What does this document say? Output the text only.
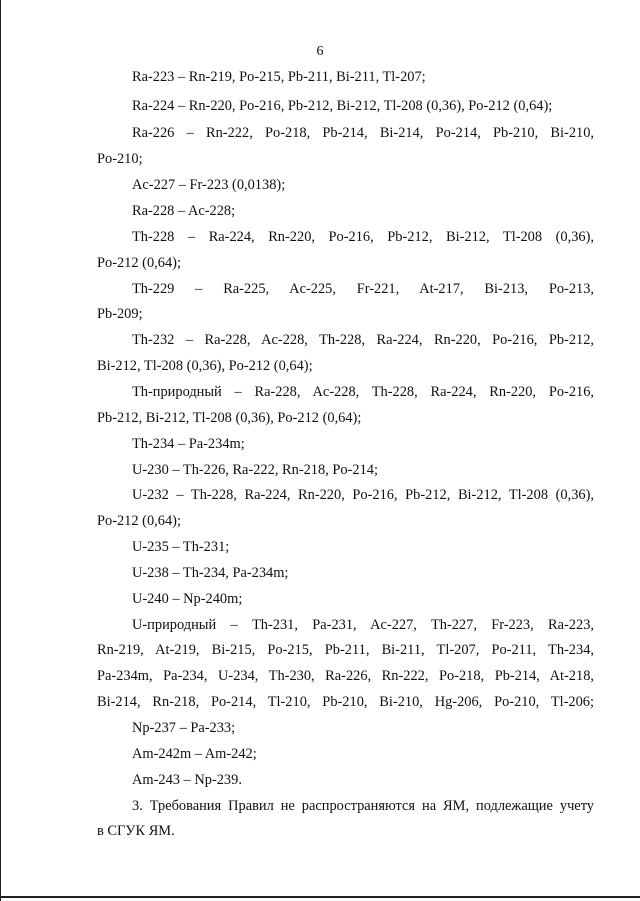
6
Ra-223 – Rn-219, Po-215, Pb-211, Bi-211, Tl-207;
Ra-224 – Rn-220, Po-216, Pb-212, Bi-212, Tl-208 (0,36), Po-212 (0,64);
Ra-226 – Rn-222, Po-218, Pb-214, Bi-214, Po-214, Pb-210, Bi-210,
Po-210;
Ac-227 – Fr-223 (0,0138);
Ra-228 – Ac-228;
Th-228 – Ra-224, Rn-220, Po-216, Pb-212, Bi-212, Tl-208 (0,36),
Po-212 (0,64);
Th-229 – Ra-225, Ac-225, Fr-221, At-217, Bi-213, Po-213,
Pb-209;
Th-232 – Ra-228, Ac-228, Th-228, Ra-224, Rn-220, Po-216, Pb-212,
Bi-212, Tl-208 (0,36), Po-212 (0,64);
Th-природный – Ra-228, Ac-228, Th-228, Ra-224, Rn-220, Po-216,
Pb-212, Bi-212, Tl-208 (0,36), Po-212 (0,64);
Th-234 – Pa-234m;
U-230 – Th-226, Ra-222, Rn-218, Po-214;
U-232 – Th-228, Ra-224, Rn-220, Po-216, Pb-212, Bi-212, Tl-208 (0,36),
Po-212 (0,64);
U-235 – Th-231;
U-238 – Th-234, Pa-234m;
U-240 – Np-240m;
U-природный – Th-231, Pa-231, Ac-227, Th-227, Fr-223, Ra-223,
Rn-219, At-219, Bi-215, Po-215, Pb-211, Bi-211, Tl-207, Po-211, Th-234,
Pa-234m, Pa-234, U-234, Th-230, Ra-226, Rn-222, Po-218, Pb-214, At-218,
Bi-214, Rn-218, Po-214, Tl-210, Pb-210, Bi-210, Hg-206, Po-210, Tl-206;
Np-237 – Pa-233;
Am-242m – Am-242;
Am-243 – Np-239.
3. Требования Правил не распространяются на ЯМ, подлежащие учету
в СГУК ЯМ.
